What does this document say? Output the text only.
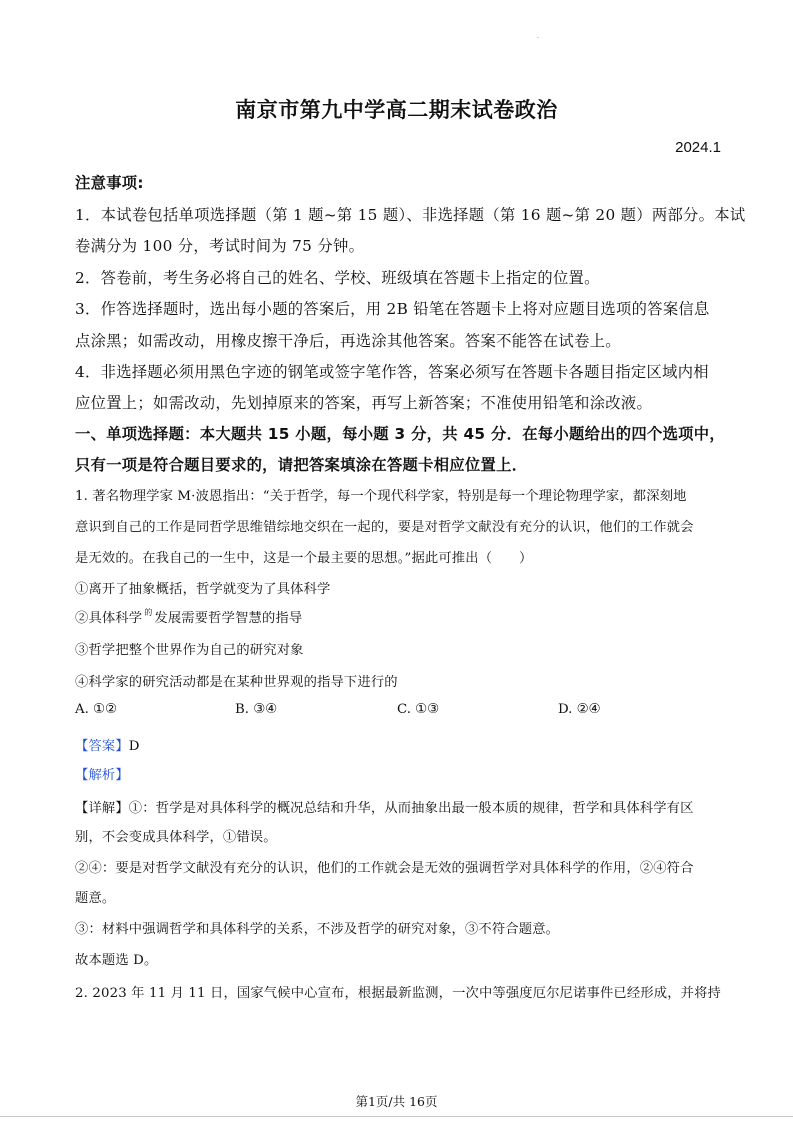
.
南京市第九中学高二期末试卷政治
2024.1
注意事项:
1．本试卷包括单项选择题（第 1 题~第 15 题）、非选择题（第 16 题~第 20 题）两部分。本试
卷满分为 100 分，考试时间为 75 分钟。
2．答卷前，考生务必将自己的姓名、学校、班级填在答题卡上指定的位置。
3．作答选择题时，选出每小题的答案后，用 2B 铅笔在答题卡上将对应题目选项的答案信息
点涂黑；如需改动，用橡皮擦干净后，再选涂其他答案。答案不能答在试卷上。
4．非选择题必须用黑色字迹的钢笔或签字笔作答，答案必须写在答题卡各题目指定区域内相
应位置上；如需改动，先划掉原来的答案，再写上新答案；不准使用铅笔和涂改液。
一、单项选择题：本大题共 15 小题，每小题 3 分，共 45 分．在每小题给出的四个选项中，
只有一项是符合题目要求的，请把答案填涂在答题卡相应位置上．
1. 著名物理学家 M·波恩指出：“关于哲学，每一个现代科学家，特别是每一个理论物理学家，都深刻地
意识到自己的工作是同哲学思维错综地交织在一起的，要是对哲学文献没有充分的认识，他们的工作就会
是无效的。在我自己的一生中，这是一个最主要的思想。”据此可推出（　　）
①离开了抽象概括，哲学就变为了具体科学
②具体科学 $^的$ 发展需要哲学智慧的指导
③哲学把整个世界作为自己的研究对象
④科学家的研究活动都是在某种世界观的指导下进行的
A. ①②	B. ③④	C. ①③	D. ②④
【答案】D
【解析】
【详解】①：哲学是对具体科学的概况总结和升华，从而抽象出最一般本质的规律，哲学和具体科学有区
别，不会变成具体科学，①错误。
②④：要是对哲学文献没有充分的认识，他们的工作就会是无效的强调哲学对具体科学的作用，②④符合
题意。
③：材料中强调哲学和具体科学的关系，不涉及哲学的研究对象，③不符合题意。
故本题选 D。
2. 2023 年 11 月 11 日，国家气候中心宣布，根据最新监测，一次中等强度厄尔尼诺事件已经形成，并将持
第1页/共 16页
